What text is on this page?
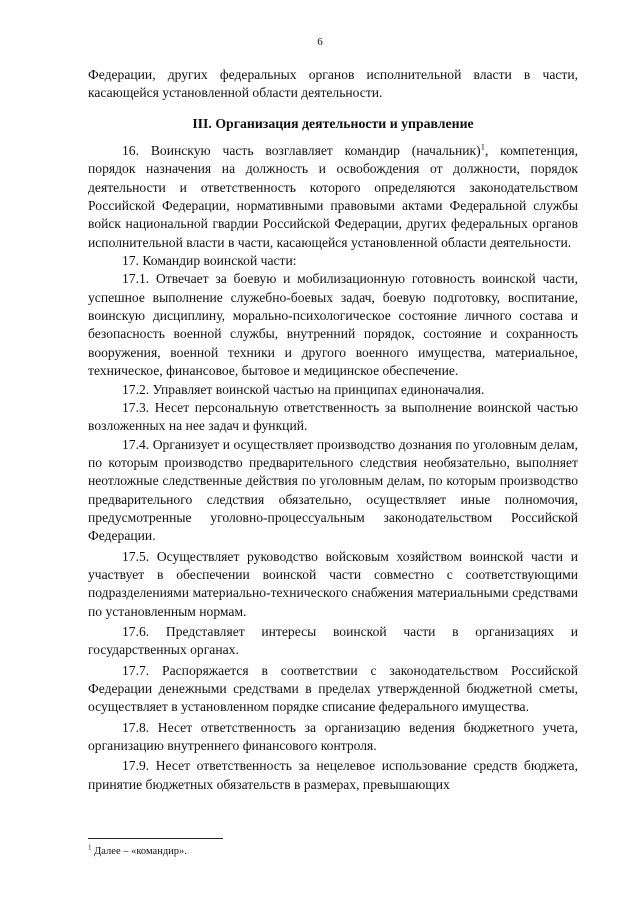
6

Федерации, других федеральных органов исполнительной власти в части, касающейся установленной области деятельности.

III. Организация деятельности и управление

16. Воинскую часть возглавляет командир (начальник)$^1$, компетенция, порядок назначения на должность и освобождения от должности, порядок деятельности и ответственность которого определяются законодательством Российской Федерации, нормативными правовыми актами Федеральной службы войск национальной гвардии Российской Федерации, других федеральных органов исполнительной власти в части, касающейся установленной области деятельности.

17. Командир воинской части:

17.1. Отвечает за боевую и мобилизационную готовность воинской части, успешное выполнение служебно-боевых задач, боевую подготовку, воспитание, воинскую дисциплину, морально-психологическое состояние личного состава и безопасность военной службы, внутренний порядок, состояние и сохранность вооружения, военной техники и другого военного имущества, материальное, техническое, финансовое, бытовое и медицинское обеспечение.

17.2. Управляет воинской частью на принципах единоначалия.

17.3. Несет персональную ответственность за выполнение воинской частью возложенных на нее задач и функций.

17.4. Организует и осуществляет производство дознания по уголовным делам, по которым производство предварительного следствия необязательно, выполняет неотложные следственные действия по уголовным делам, по которым производство предварительного следствия обязательно, осуществляет иные полномочия, предусмотренные уголовно-процессуальным законодательством Российской Федерации.

17.5. Осуществляет руководство войсковым хозяйством воинской части и участвует в обеспечении воинской части совместно с соответствующими подразделениями материально-технического снабжения материальными средствами по установленным нормам.

17.6. Представляет интересы воинской части в организациях и государственных органах.

17.7. Распоряжается в соответствии с законодательством Российской Федерации денежными средствами в пределах утвержденной бюджетной сметы, осуществляет в установленном порядке списание федерального имущества.

17.8. Несет ответственность за организацию ведения бюджетного учета, организацию внутреннего финансового контроля.

17.9. Несет ответственность за нецелевое использование средств бюджета, принятие бюджетных обязательств в размерах, превышающих

$^1$ Далее – «командир».
